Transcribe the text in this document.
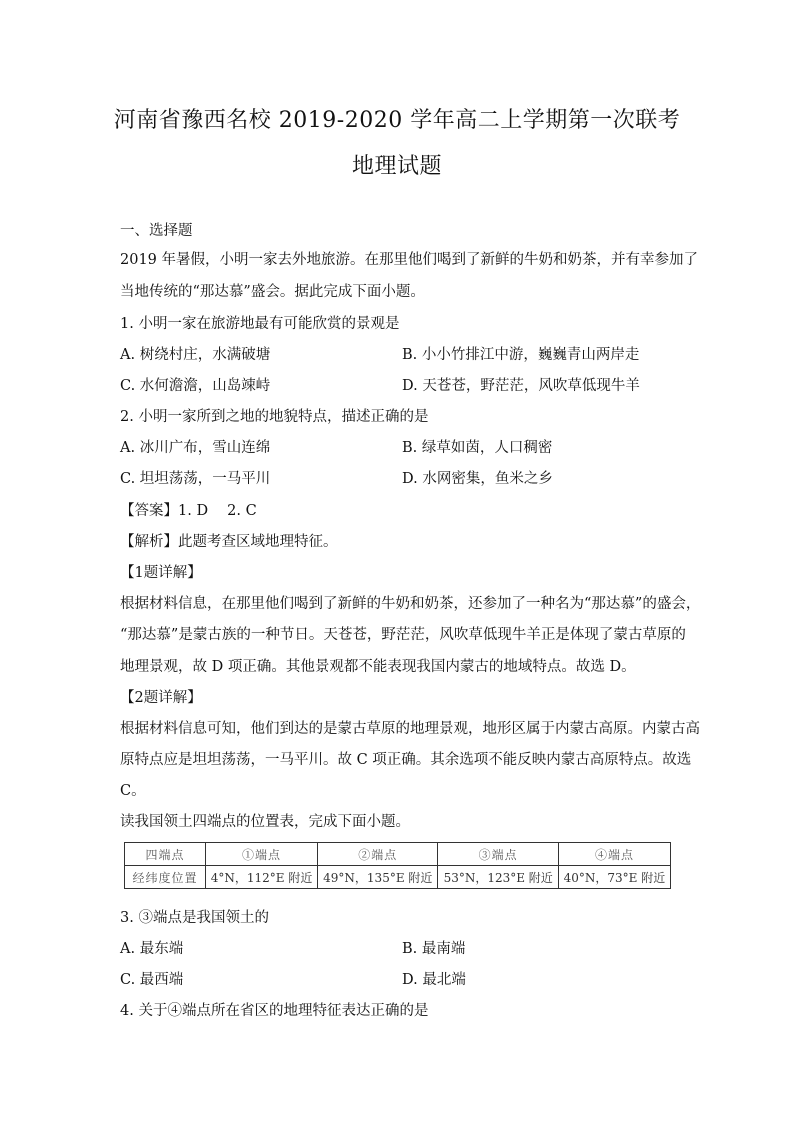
河南省豫西名校 2019-2020 学年高二上学期第一次联考
地理试题
一、选择题
2019 年暑假，小明一家去外地旅游。在那里他们喝到了新鲜的牛奶和奶茶，并有幸参加了
当地传统的“那达慕”盛会。据此完成下面小题。
1. 小明一家在旅游地最有可能欣赏的景观是
A. 树绕村庄，水满破塘	B. 小小竹排江中游，巍巍青山两岸走
C. 水何澹澹，山岛竦峙	D. 天苍苍，野茫茫，风吹草低现牛羊
2. 小明一家所到之地的地貌特点，描述正确的是
A. 冰川广布，雪山连绵	B. 绿草如茵，人口稠密
C. 坦坦荡荡，一马平川	D. 水网密集，鱼米之乡
【答案】1. D　 2. C
【解析】此题考查区域地理特征。
【1题详解】
根据材料信息，在那里他们喝到了新鲜的牛奶和奶茶，还参加了一种名为“那达慕”的盛会，
“那达慕”是蒙古族的一种节日。天苍苍，野茫茫，风吹草低现牛羊正是体现了蒙古草原的
地理景观，故 D 项正确。其他景观都不能表现我国内蒙古的地域特点。故选 D。
【2题详解】
根据材料信息可知，他们到达的是蒙古草原的地理景观，地形区属于内蒙古高原。内蒙古高
原特点应是坦坦荡荡，一马平川。故 C 项正确。其余选项不能反映内蒙古高原特点。故选
C。
读我国领土四端点的位置表，完成下面小题。
四端点	①端点	②端点	③端点	④端点
经纬度位置	4°N，112°E 附近	49°N，135°E 附近	53°N，123°E 附近	40°N，73°E 附近
3. ③端点是我国领土的
A. 最东端	B. 最南端
C. 最西端	D. 最北端
4. 关于④端点所在省区的地理特征表达正确的是
